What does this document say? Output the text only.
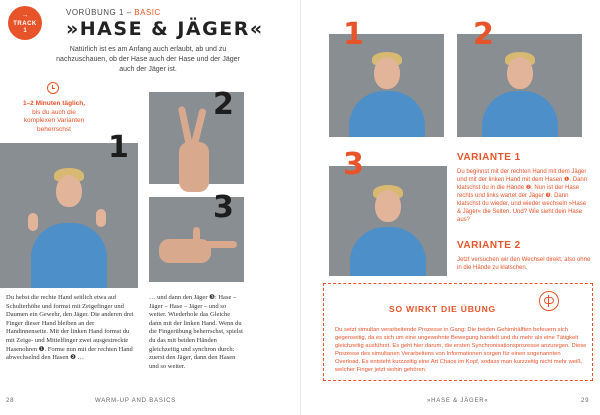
→
TRACK
1
VORÜBUNG 1 – BASIC
»HASE & JÄGER«
Natürlich ist es am Anfang auch erlaubt, ab und zu nachzuschauen, ob der Hase auch der Hase und der Jäger auch der Jäger ist.
1–2 Minuten täglich,
bis du auch die komplexen Varianten beherrschst
1
2
3
Du hebst die rechte Hand seitlich etwa auf Schulterhöhe und formst mit Zeigefinger und Daumen ein Gewehr, den Jäger. Die anderen drei Finger dieser Hand bleiben an der Handinnenseite. Mit der linken Hand formst du mit Zeige- und Mittelfinger zwei ausgestreckte Hasenohren ❶. Forme nun mit der rechten Hand abwechselnd den Hasen ❷ …
… und dann den Jäger ❸: Hase – Jäger – Hase – Jäger – und so weiter. Wiederhole das Gleiche dann mit der linken Hand. Wenn du die Fingerübung beherrschst, spielst du das mit beiden Händen gleichzeitig und synchron durch: zuerst den Jäger, dann den Hasen und so weiter.
28	WARM-UP AND BASICS
1	2
3	VARIANTE 1
Du beginnst mit der rechten Hand mit dem Jäger und mit der linken Hand mit dem Hasen ❶. Dann klatschst du in die Hände ❷. Nun ist der Hase rechts und links wartet der Jäger ❸. Dann klatschst du wieder, und wieder wechseln »Hase & Jäger« die Seiten. Und? Wie sieht dein Hase aus?
VARIANTE 2
Jetzt versuchen wir den Wechsel direkt, also ohne in die Hände zu klatschen.
SO WIRKT DIE ÜBUNG
Du setzt simultan verarbeitende Prozesse in Gang: Die beiden Gehirnhälften befeuern sich gegenseitig, da es sich um eine ungewohnte Bewegung handelt und du mehr als eine Tätigkeit gleichzeitig ausführst. Es geht hier darum, die ersten Synchronisationsprozesse anzuregen. Diese Prozesse des simultanen Verarbeitens von Informationen sorgen für einen sogenannten Overload. Es entsteht kurzzeitig eine Art Chaos im Kopf, sodass man kurzzeitig nicht mehr weiß, welcher Finger jetzt wohin gehören.
»HASE & JÄGER«	29
